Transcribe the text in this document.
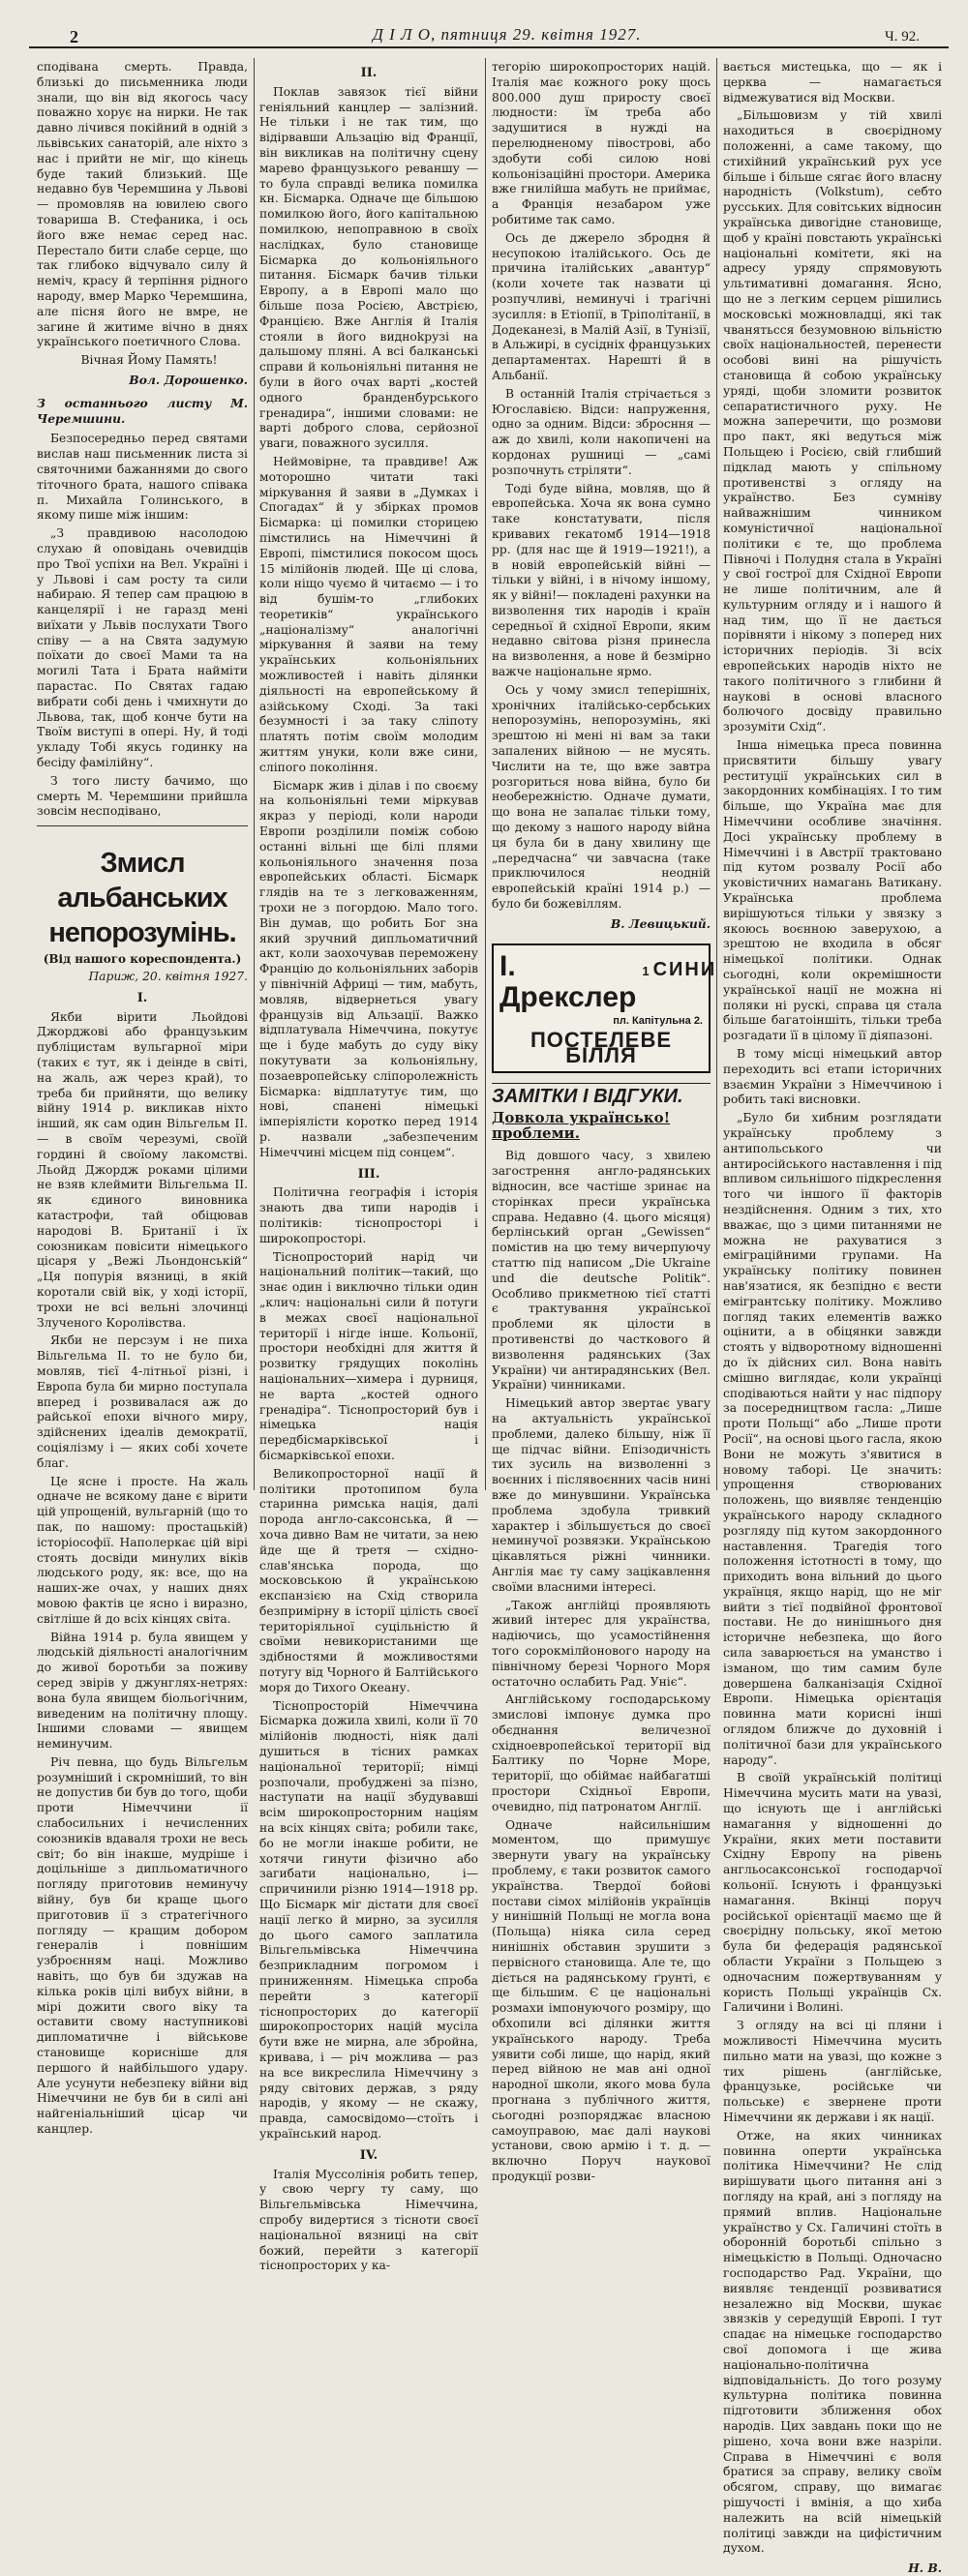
2	Д І Л О, пятниця 29. квітня 1927.	Ч. 92.

сподівана смерть. Правда, близькі до письменника люди знали, що він від якогось часу поважно хорує на нирки. Не так давно лічився покійний в одній з львівських санаторій, але ніхто з нас і прийти не міг, що кінець буде такий близький. Ще недавно був Черемшина у Львові — промовляв на ювилею свого товариша В. Стефаника, і ось його вже немає серед нас. Перестало бити слабе серце, що так глибоко відчувало силу й неміч, красу й терпіння рідного народу, вмер Марко Черемшина, але пісня його не вмре, не загине й житиме вічно в днях українського поетичного Слова.

Вічная Йому Память!

Вол. Дорошенко.
З останнього листу М. Черемшини.

Безпосередньо перед святами вислав наш письменник листа зі святочними бажаннями до свого тіточного брата, нашого співака п. Михайла Голинського, в якому пише між іншим:

„З правдивою насолодою слухаю й оповідань очевидців про Твої успіхи на Вел. Україні і у Львові і сам росту та сили набираю. Я тепер сам працюю в канцелярії і не гаразд мені виїхати у Львів послухати Твого співу — а на Свята задумую поїхати до своєї Мами та на могилі Тата і Брата найміти парастас. По Святах гадаю вибрати собі день і чмихнути до Львова, так, щоб конче бути на Твоїм виступі в опері. Ну, й тоді укладу Тобі якусь годинку на бесіду фамілійну“.

З того листу бачимо, що смерть М. Черемшини прийшла зовсім несподівано,

Змисл альбанських непорозумінь.
(Від нашого кореспондента.)
Париж, 20. квітня 1927.
І.

Якби вірити Льойдові Джорджові або французьким публіцистам вульгарної міри (таких є тут, як і деінде в світі, на жаль, аж через край), то треба би прийняти, що велику війну 1914 р. викликав ніхто інший, як сам один Вільгельм ІІ. — в своїм черезумі, своїй гордині й своїому лакомстві. Льойд Джордж роками цілими не взяв клеймити Вільгельма ІІ. як єдиного виновника катастрофи, тай обіцював народові В. Британії і їх союзникам повісити німецького цісаря у „Вежі Льондонській“ „Ця попурія вязниці, в якій коротали свій вік, у ході історії, трохи не всі вельні злочинці Злученого Королівства.

Якби не персзум і не пиха Вільгельма ІІ. то не було би, мовляв, тієї 4-літньої різні, і Европа була би мирно поступала вперед і розвивалася аж до райської епохи вічного миру, здійснених ідеалів демократії, соціялізму і — яких собі хочете благ.

Це ясне і просте. На жаль одначе не всякому дане є вірити цій упрощеній, вульгарній (що то пак, по нашому: простацькій) історіософії. Наполеркає цій вірі стоять досвіди минулих віків людського роду, як: все, що на наших-же очах, у наших днях мовою фактів це ясно і виразно, світліше й до всіх кінцях світа.

Війна 1914 р. була явищем у людській діяльності аналогічним до живої боротьби за поживу серед звірів у джунглях-нетрях: вона була явищем біольогічним, виведеним на політичну площу. Іншими словами — явищем неминучим.

Річ певна, що будь Вільгельм розумніший і скромніший, то він не допустив би був до того, щоби проти Німеччини ії слабосильних і нечисленних союзників вдаваля трохи не весь світ; бо він інакше, мудріше і доцільніше з дипльоматичного погляду приготовив неминучу війну, був би краще цього приготовив ії з стратегічного погляду — кращим добором генералів і повнішим узброєнням наці. Можливо навіть, що був би здужав на кілька років цілі вибух війни, в мірі дожити свого віку та оставити свому наступникові дипломатичне і військове становище корисніше для першого й найбільшого удару. Але усунути небезпеку війни від Німеччини не був би в силі ані найгеніальніший цісар чи канцлер.

ІІ.

Поклав завязок тієї війни геніяльний канцлер — залізний. Не тільки і не так тим, що відірвавши Альзацію від Франції, він викликав на політичну сцену марево французького реваншу — то була справді велика помилка кн. Бісмарка. Одначе ще більшою помилкою його, його капітальною помилкою, непоправною в своїх наслідках, було становище Бісмарка до кольоніяльного питання. Бісмарк бачив тільки Европу, а в Европі мало що більше поза Росією, Австрією, Францією. Вже Англія й Італія стояли в його видноkрузі на дальшому пляні. А всі балканські справи й кольоніяльні питання не були в його очах варті „костей одного бранденбурського гренадира“, іншими словами: не варті доброго слова, серйозної уваги, поважного зусилля.

Неймовірне, та правдиве! Аж моторошно читати такі міркування й заяви в „Думках і Спогадах“ й у збірках промов Бісмарка: ці помилки сторицею пімстились на Німеччині й Европі, пімстилися покосом щось 15 мілійонів людей. Ще ці слова, коли ніщо чуємо й читаємо — і то від бушім-то „глибоких теоретиків“ українського „націоналізму“ аналогічні міркування й заяви на тему українських кольоніяльних можливостей і навіть ділянки діяльності на европейському й азійському Сході. За такі безумності і за таку сліпоту платять потім своїм молодим життям унуки, коли вже сини, сліпого покоління.

Бісмарк жив і ділав і по своєму на кольоніяльні теми міркував якраз у періоді, коли народи Европи розділили поміж собою останні вільні ще білі плями кольоніяльного значення поза европейських області. Бісмарк глядів на те з легковаженням, трохи не з погордою. Мало того. Він думав, що робить Бог зна який зручний дипльоматичний акт, коли заохочував переможену Францію до кольоніяльних заборів у північній Африці — тим, мабуть, мовляв, відвернеться увагу французів від Альзації. Важко відплатувала Німеччина, покутує ще і буде мабуть до суду віку покутувати за кольоніяльну, позаевропейську сліпоролежність Бісмарка: відплатутує тим, що нові, спанені німецькі імперіялісти коротко перед 1914 р. назвали „забезпеченим Німеччині місцем під сонцем“.

ІІІ.

Політична географія і історія знають два типи народів і політиків: тіснопросторі і широкопросторі.

Тіснопросторий нарід чи національний політик—такий, що знає один і виключно тільки один „клич: національні сили й потуги в межах своєї національної території і нігде інше. Кольонії, простори необхідні для життя й розвитку грядущих поколінь національних—химера і дурниця, не варта „костей одного гренадіра“. Тіснопросторий був і німецька нація передбісмарківської і бісмарківської епохи.

Великопросторної нації й політики протопипом була старинна римська нація, далі порода англо-саксонська, й —хоча дивно Вам не читати, за нею йде ще й третя — східно-слав'янська порода, що московською й українською експанзією на Схід створила безпримірну в історії цілість своєї територіяльної суцільністю й своїми невикористаними ще здібностями й можливостями потугу від Чорного й Балтійського моря до Тихого Океану.

Тіснопросторій Німеччина Бісмарка дожила хвилі, коли її 70 мілійонів людності, ніяк далі душиться в тісних рамках національної території; німці розпочали, пробуджені за пізно, наступати на нації збудувавші всім широкопросторним націям на всіх кінцях світа; робили такє, бо не могли інакше робити, не хотячи гинути фізично або загибати національно, і—спричинили різню 1914—1918 рр. Що Бісмарк міг дістати для своєї нації легко й мирно, за зусилля до цього самого заплатила Вільгельмівська Німеччина безприкладним погромом і приниженням. Німецька спроба перейти з категорії тіснопросторих до категорії широкопросторих націй мусіла бути вже не мирна, але збройна, кривава, і — річ можлива — раз на все викреслила Німеччину з ряду світових держав, з ряду народів, у якому — не скажу, правда, самосвідомо—стоїть і український народ.

IV.

Італія Муссолінія робить тепер, у свою чергу ту саму, що Вільгельмівська Німеччина, спробу видертися з тісноти своєї національної вязниці на світ божий, перейти з категорії тіснопросторих у ка-

тегорію широкопросторих націй. Італія має кожного року щось 800.000 душ приросту своєї людности: їм треба або задушитися в нужді на перелюдненому півострові, або здобути собі силою нові кольонізаційні простори. Америка вже гнилійша мабуть не приймає, а Франція незабаром уже робитиме так само.

Ось де джерело збродня й несупокою італійського. Ось де причина італійських „авантур“ (коли хочете так назвати ці розпучливі, неминучі і трагічні зусилля: в Етіопії, в Тріполітанії, в Додеканезі, в Малій Азії, в Тунізії, в Альжирі, в сусідніх французьких департаментах. Нарешті й в Альбанії.

В останній Італія стрічається з Югославією. Відси: напруження, одно за одним. Відси: збросння — аж до хвилі, коли накопичені на кордонах рушниці — „самі розпочнуть стріляти“.

Тоді буде війна, мовляв, що й европейська. Хоча як вона сумно таке констатувати, після кривавих гекатомб 1914—1918 рр. (для нас ще й 1919—1921!), а в новій европейській війні — тільки у війні, і в нічому іншому, як у війні!— покладені рахунки на визволення тих народів і країн середньої й східної Европи, яким недавно світова різня принесла на визволення, а нове й безмірно важче національне ярмо.

Ось у чому змисл теперішніх, хронічних італійсько-сербських непорозумінь, непорозумінь, які зрештою ні мені ні вам за таки запалених війною — не мусять. Числити на те, що вже завтра розгориться нова війна, було би необережністю. Одначе думати, що вона не запалає тільки тому, що декому з нашого народу війна ця була би в дану хвилину ще „передчасна“ чи завчасна (таке приключилося неодній европейській країні 1914 р.) — було би божевіллям.

В. Левицький.
І. Дрекслер
1 СИНИ
пл. Капітульна 2.
ПОСТЕЛЕВЕ БІЛЛЯ
ЗАМІТКИ І ВІДГУКИ.
Довкола українсько! проблеми.

Від довшого часу, з хвилею загострення англо-радянських відносин, все частіше зринає на сторінках преси українська справа. Недавно (4. цього місяця) берлінський орган „Gewissen“ помістив на цю тему вичерпуючу статтю під написом „Die Ukraine und die deutsche Politik“. Особливо прикметною тієї статті є трактування української проблеми як цілости в противенстві до часткового й визволення радянських (Зах України) чи антирадянських (Вел. України) чинниками.

Німецький автор звертає увагу на актуальність української проблеми, далеко більшу, ніж її ще підчас війни. Епізодичність тих зусиль на визволенні з воєнних і післявоєнних часів нині вже до минувшини. Українська проблема здобула тривкий характер і збільшується до своєї неминучої розвязки. Українською цікавляться ріжні чинники. Англія має ту саму зацікавлення своїми власними інтересі.

„Також англійці проявляють живий інтерес для українства, надіючись, що усамостійнення того сорокмілйонового народу на північному березі Чорного Моря остаточно ослабить Рад. Уніє“.

Англійському господарському змислові імпонує думка про обєднання величезної східноевропейської території від Балтику по Чорне Море, території, що обіймає найбагатші простори Східньої Европи, очевидно, під патронатом Англії.

Одначе найсильнішим моментом, що примушує звернути увагу на українську проблему, є таки розвиток самого українства. Твердої бойові постави сімох мілійонів українців у нинішній Польщі не могла вона (Польща) ніяка сила серед нинішніх обставин зрушити з первісного становища. Але те, що діється на радянському ґрунті, є ще більшим. Є це національні розмахи імпонуючого розміру, що обхопили всі ділянки життя українського народу. Треба уявити собі лише, що нарід, який перед війною не мав ані одної народної школи, якого мова була прогнана з публічного життя, сьогодні розпоряджає власною самоуправою, має далі наукові установи, свою армію і т. д. — включно Поруч наукової продукції розви-

вається мистецька, що — як і церква — намагається відмежуватися від Москви.

„Більшовизм у тій хвилі находиться в своєрідному положенні, а саме такому, що стихійний український рух усе більше і більше сягає його власну народність (Volkstum), себто русських. Для совітських відносин українська дивогідне становище, щоб у країні повстають українські національні комітети, які на адресу уряду спрямовують ультимативні домагання. Ясно, що не з легким серцем рішились московські можновладці, які так чванятьсся безумовною вільністю своїх національностей, перенести особові вині на рішучість становища й собою українську уряді, щоби зломити розвиток сепаратистичного руху. Не можна заперечити, що розмови про пакт, які ведуться між Польщею і Росією, свій глибший підклад мають у спільному противенстві з огляду на українство. Без сумніву найважнішим чинником комуністичної національної політики є те, що проблема Півночі і Полудня стала в Україні у свої гострої для Східної Европи не лише політичним, але й культурним огляду и і нашого й над тим, що її не дається порівняти і нікому з поперед них історичних періодів. Зі всіх европейських народів ніхто не такого політичного з глибини й наукові в основі власного болючого досвіду правильно зрозуміти Схід“.

Інша німецька преса повинна присвятити більшу увагу реституції українських сил в закордонних комбінаціях. І то тим більше, що Україна має для Німеччини особливе значіння. Досі українську проблему в Німеччині і в Австрії трактовано під кутом розвалу Росії або уковістичних намагань Ватикану. Українська проблема вирішуються тільки у звязку з якоюсь воєнною заверухою, а зрештою не входила в обсяг німецької політики. Однак сьогодні, коли окремішности української нації не можна ні поляки ні рускі, справа ця стала більше багатоіншіть, тільки треба розгадати її в цілому її діяпазоні.

В тому місці німецький автор переходить всі етапи історичних взаємин України з Німеччиною і робить такі висновки.

„Було би хибним розглядати українську проблему з антипольського чи антиросійського наставлення і під впливом сильнішого підкреслення того чи іншого її факторів нездійснення. Одним з тих, хто вважає, що з цими питаннями не можна не рахуватися з еміграційними групами. На українську політику повинен нав'язатися, як безпідно є вести емігрантську політику. Можливо погляд таких елементів важко оцінити, а в обіцянки завжди стоять у відворотному відношенні до їх дійсних сил. Вона навіть смішно виглядає, коли українці сподіваються найти у нас підпору за посередництвом гасла: „Лише проти Польщі“ або „Лише проти Росії“, на основі цього гасла, якою Вони не можуть з'явитися в новому таборі. Це значить: упрощення створюваних положень, що виявляє тенденцію українського народу складного розгляду під кутом закордонного наставлення. Трагедія того положення істотності в тому, що приходить вона вільний до цього українця, якщо нарід, що не міг вийти з тієї подвійної фронтової постави. Не до нинішнього дня історичне небезпека, що його сила заварюється на уманство і ізманом, що тим самим буле довершена балканізація Східної Европи. Німецька орієнтація повинна мати корисні інші оглядом ближче до духовній і політичної бази для українського народу“.

В своїй українській політиці Німеччина мусить мати на увазі, що існують ще і англійські намагання у відношенні до України, яких мети поставити Східну Европу на рівень англьосаксонської господарчої кольонії. Існують і французькі намагання. Вкінці поруч російської орієнтації маємо ще й своєрідну польську, якої метою була би федерація радянської области України з Польщею з одночасним пожертвуванням у користь Польщі українців Сх. Галичини і Волині.

З огляду на всі ці пляни і можливості Німеччина мусить пильно мати на увазі, що кожне з тих рішень (англійське, французьке, російське чи польське) є звернене проти Німеччини як держави і як нації.

Отже, на яких чинниках повинна оперти українська політика Німеччини? Не слід вирішувати цього питання ані з погляду на край, ані з погляду на прямий вплив. Національне українство у Сх. Галичині стоїть в оборонній боротьбі спільно з німецькістю в Польщі. Одночасно господарство Рад. України, що виявляє тенденції розвиватися незалежно від Москви, шукає звязків у середущій Европі. І тут спадає на німецьке господарство свої допомога і ще жива національно-політична відповідальність. До того розуму культурна політика повинна підготовити зближення обох народів. Цих завдань поки що не рішено, хоча вони вже назріли. Справа в Німеччині є воля братися за справу, велику своїм обсягом, справу, що вимагає рішучості і вмінія, а що хиба належить на всій німецькій політиці завжди на цифістичним духом.

Н. В.
